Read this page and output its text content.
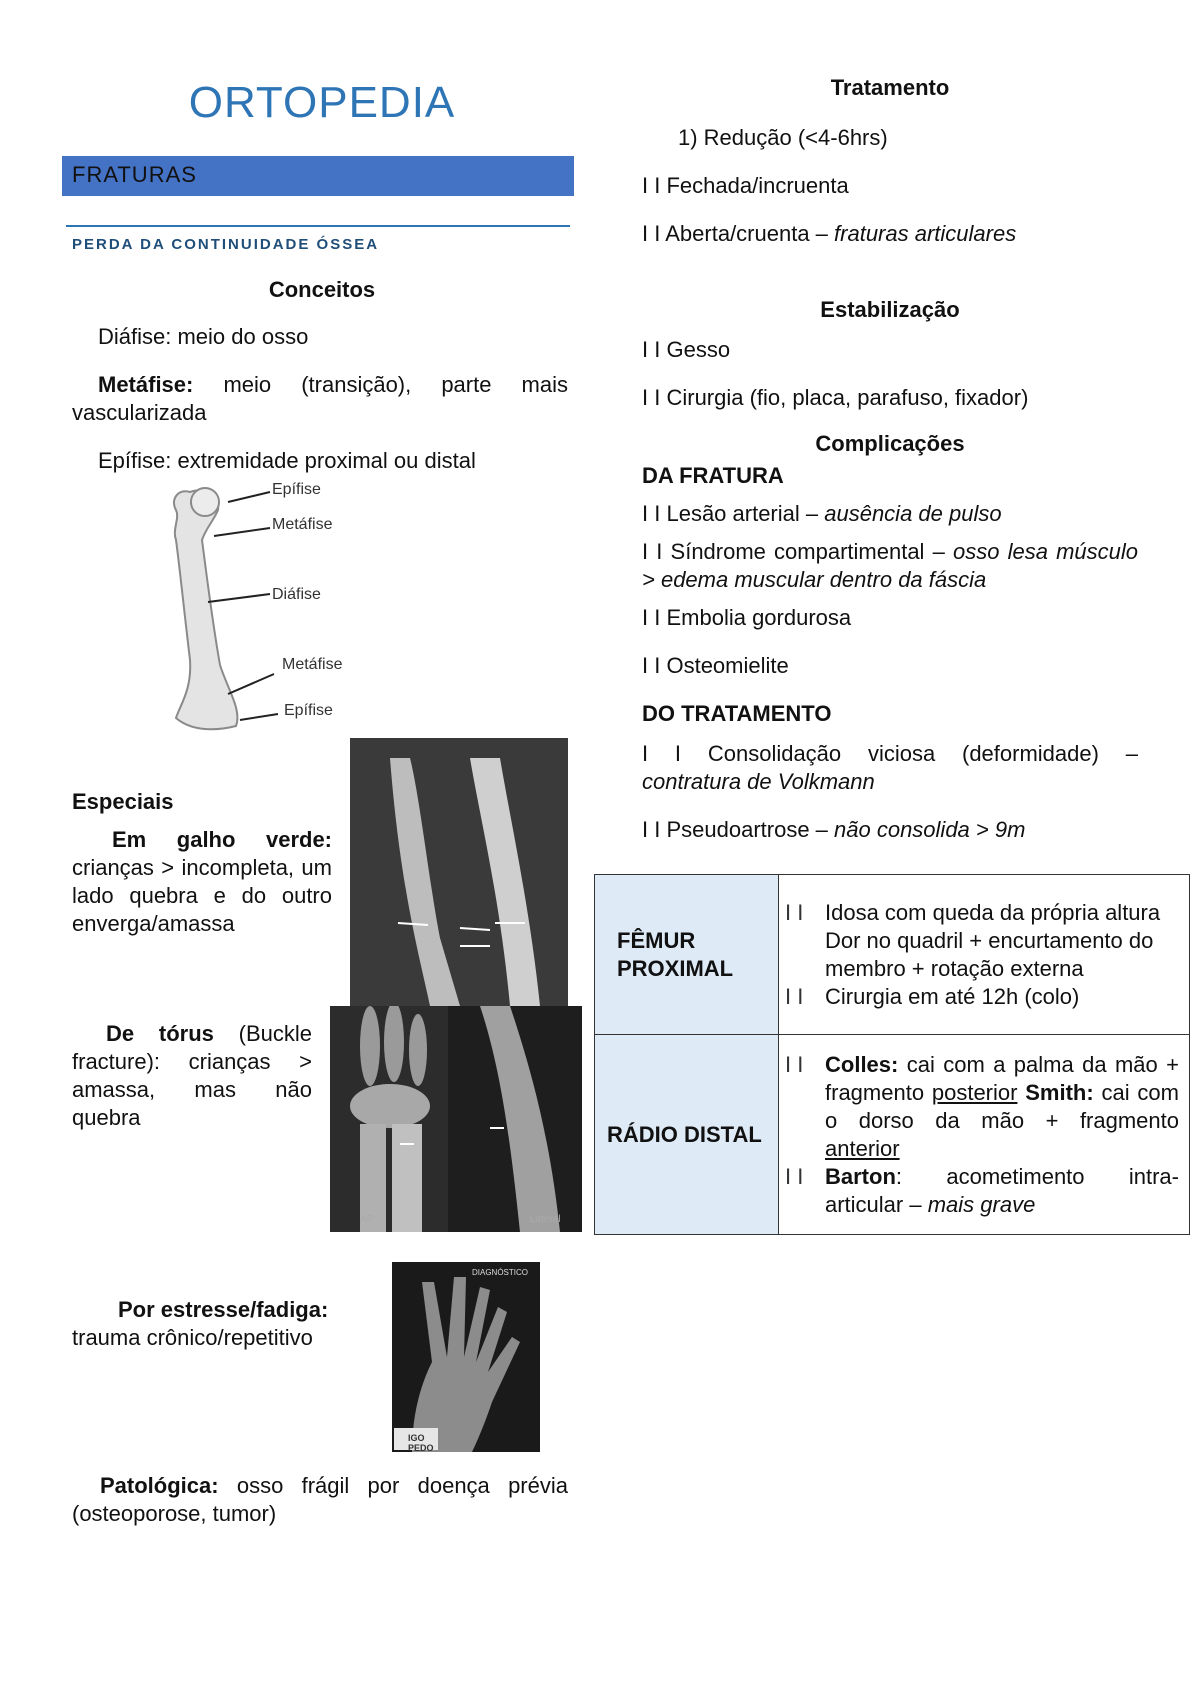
ORTOPEDIA
FRATURAS
PERDA DA CONTINUIDADE ÓSSEA
Conceitos
Diáfise: meio do osso
Metáfise: meio (transição), parte mais vascularizada
Epífise: extremidade proximal ou distal
Epífise
Metáfise
Diáfise
Metáfise
Epífise
Especiais
Em galho verde: crianças > incompleta, um lado quebra e do outro enverga/amassa
De tórus (Buckle fracture): crianças > amassa, mas não quebra
AP	Lateral
Por estresse/fadiga: trauma crônico/repetitivo
DIAGNÓSTICO
IGO PEDO
Patológica: osso frágil por doença prévia (osteoporose, tumor)
Tratamento
1) Redução (<4-6hrs)
I I Fechada/incruenta
I I Aberta/cruenta – fraturas articulares
Estabilização
I I Gesso
I I Cirurgia (fio, placa, parafuso, fixador)
Complicações
DA FRATURA
I I Lesão arterial – ausência de pulso
I I Síndrome compartimental – osso lesa músculo > edema muscular dentro da fáscia
I I Embolia gordurosa
I I Osteomielite
DO TRATAMENTO
I I Consolidação viciosa (deformidade) – contratura de Volkmann
I I Pseudoartrose – não consolida > 9m
FÊMUR PROXIMAL	I I Idosa com queda da própria altura
Dor no quadril + encurtamento do membro + rotação externa
I I Cirurgia em até 12h (colo)

RÁDIO DISTAL	I I Colles: cai com a palma da mão + fragmento posterior Smith: cai com o dorso da mão + fragmento anterior
I I Barton: acometimento intra-articular – mais grave
